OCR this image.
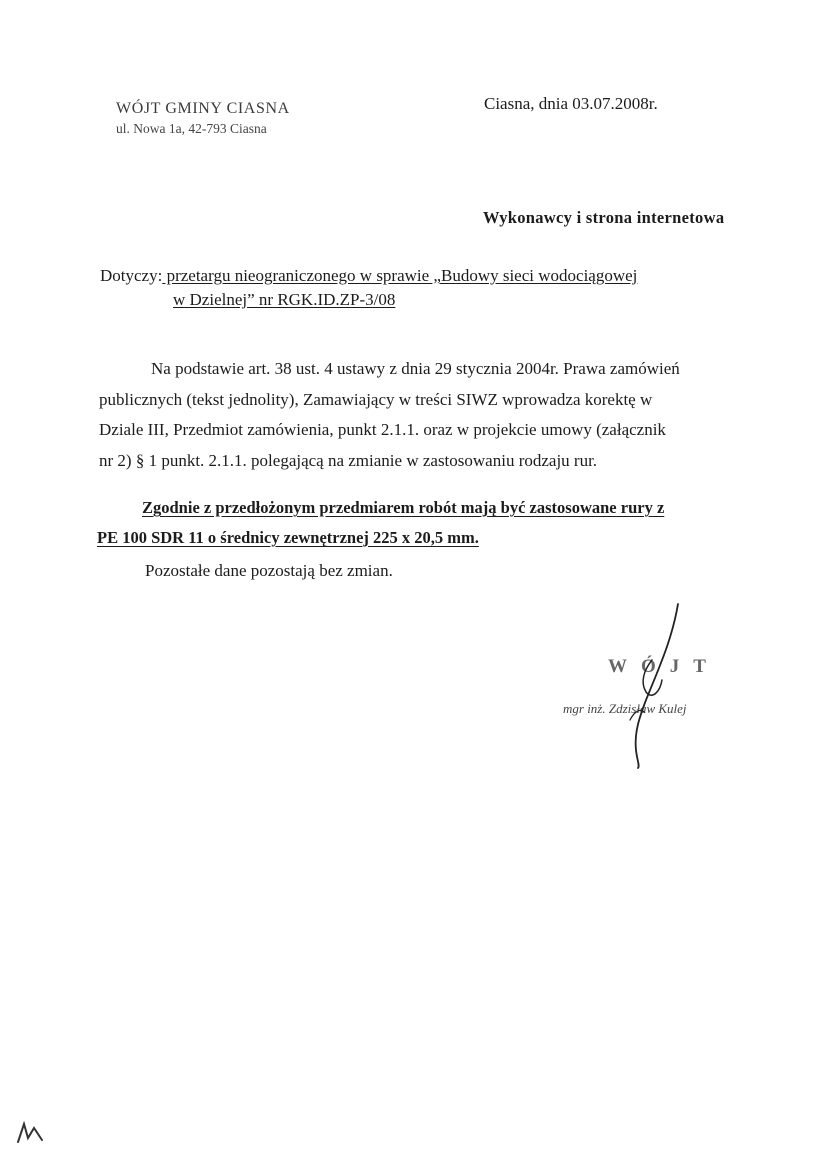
WÓJT GMINY CIASNA
ul. Nowa 1a, 42-793 Ciasna
Ciasna, dnia 03.07.2008r.
Wykonawcy i strona internetowa
Dotyczy: przetargu nieograniczonego w sprawie „Budowy sieci wodociągowej
w Dzielnej” nr RGK.ID.ZP-3/08
Na podstawie art. 38 ust. 4 ustawy z dnia 29 stycznia 2004r. Prawa zamówień
publicznych (tekst jednolity), Zamawiający w treści SIWZ wprowadza korektę w
Dziale III, Przedmiot zamówienia, punkt 2.1.1. oraz w projekcie umowy (załącznik
nr 2) § 1 punkt. 2.1.1. polegającą na zmianie w zastosowaniu rodzaju rur.
Zgodnie z przedłożonym przedmiarem robót mają być zastosowane rury z
PE 100 SDR 11 o średnicy zewnętrznej 225 x 20,5 mm.
Pozostałe dane pozostają bez zmian.
WÓJT
mgr inż. Zdzisław Kulej
